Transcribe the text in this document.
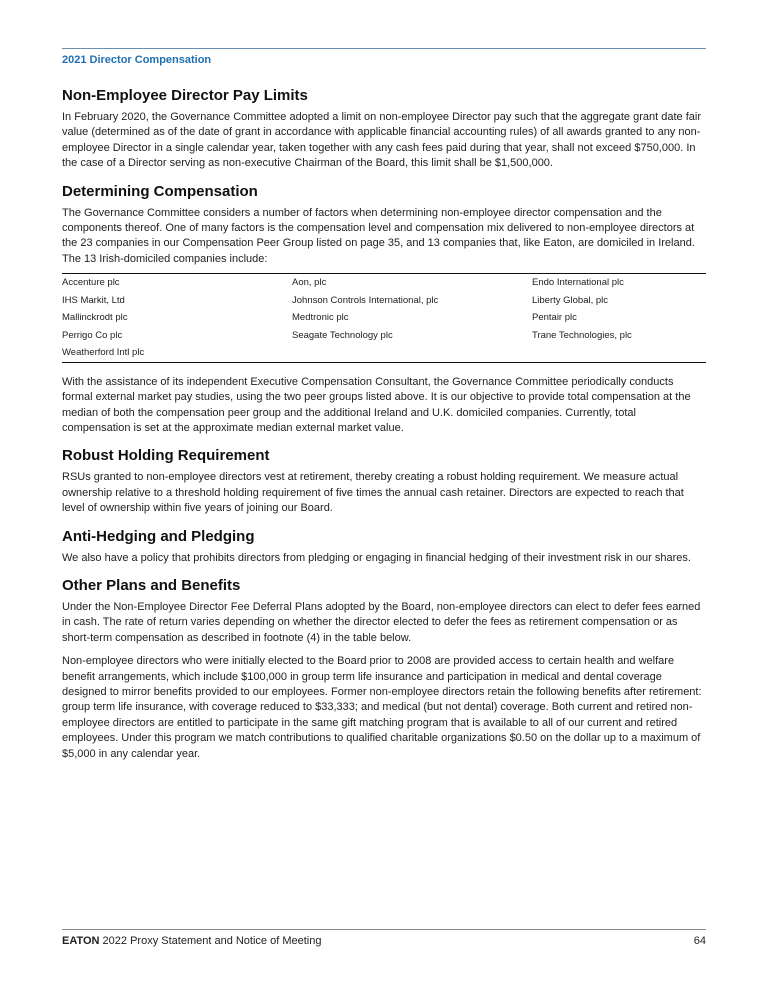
2021 Director Compensation
Non-Employee Director Pay Limits

In February 2020, the Governance Committee adopted a limit on non-employee Director pay such that the aggregate grant date fair value (determined as of the date of grant in accordance with applicable financial accounting rules) of all awards granted to any non-employee Director in a single calendar year, taken together with any cash fees paid during that year, shall not exceed $750,000. In the case of a Director serving as non-executive Chairman of the Board, this limit shall be $1,500,000.

Determining Compensation

The Governance Committee considers a number of factors when determining non-employee director compensation and the components thereof. One of many factors is the compensation level and compensation mix delivered to non-employee directors at the 23 companies in our Compensation Peer Group listed on page 35, and 13 companies that, like Eaton, are domiciled in Ireland. The 13 Irish-domiciled companies include:

Accenture plc	Aon, plc	Endo International plc
IHS Markit, Ltd	Johnson Controls International, plc	Liberty Global, plc
Mallinckrodt plc	Medtronic plc	Pentair plc
Perrigo Co plc	Seagate Technology plc	Trane Technologies, plc
Weatherford Intl plc		

With the assistance of its independent Executive Compensation Consultant, the Governance Committee periodically conducts formal external market pay studies, using the two peer groups listed above. It is our objective to provide total compensation at the median of both the compensation peer group and the additional Ireland and U.K. domiciled companies. Currently, total compensation is set at the approximate median external market value.

Robust Holding Requirement

RSUs granted to non-employee directors vest at retirement, thereby creating a robust holding requirement. We measure actual ownership relative to a threshold holding requirement of five times the annual cash retainer. Directors are expected to reach that level of ownership within five years of joining our Board.

Anti-Hedging and Pledging

We also have a policy that prohibits directors from pledging or engaging in financial hedging of their investment risk in our shares.

Other Plans and Benefits

Under the Non-Employee Director Fee Deferral Plans adopted by the Board, non-employee directors can elect to defer fees earned in cash. The rate of return varies depending on whether the director elected to defer the fees as retirement compensation or as short-term compensation as described in footnote (4) in the table below.

Non-employee directors who were initially elected to the Board prior to 2008 are provided access to certain health and welfare benefit arrangements, which include $100,000 in group term life insurance and participation in medical and dental coverage designed to mirror benefits provided to our employees. Former non-employee directors retain the following benefits after retirement: group term life insurance, with coverage reduced to $33,333; and medical (but not dental) coverage. Both current and retired non-employee directors are entitled to participate in the same gift matching program that is available to all of our current and retired employees. Under this program we match contributions to qualified charitable organizations $0.50 on the dollar up to a maximum of $5,000 in any calendar year.

EATON 2022 Proxy Statement and Notice of Meeting	64
